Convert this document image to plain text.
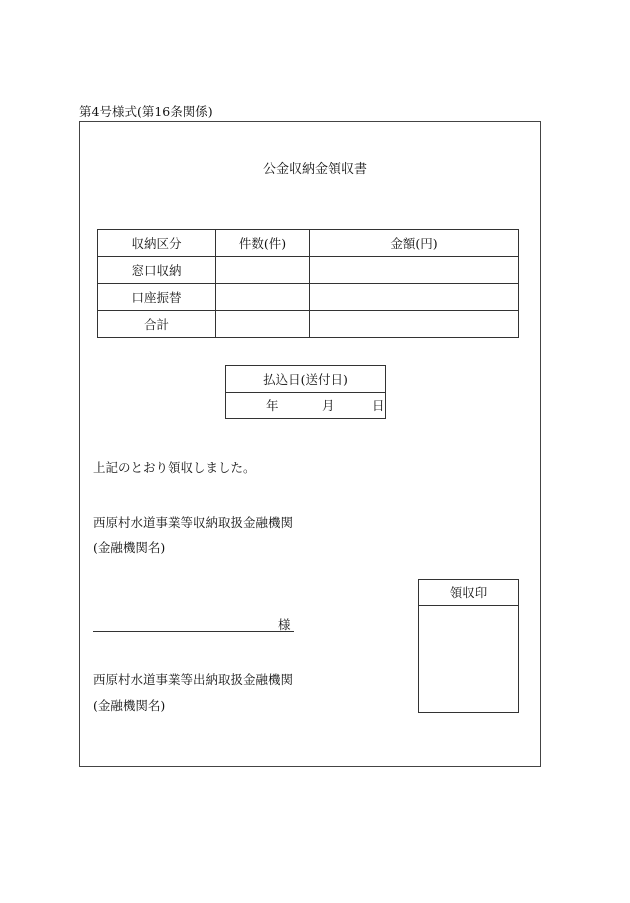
第4号様式(第16条関係)
公金収納金領収書
収納区分	件数(件)	金額(円)
窓口収納		
口座振替		
合計		
払込日(送付日)
年	月	日
上記のとおり領収しました。
西原村水道事業等収納取扱金融機関
(金融機関名)
様
西原村水道事業等出納取扱金融機関
(金融機関名)
領収印
